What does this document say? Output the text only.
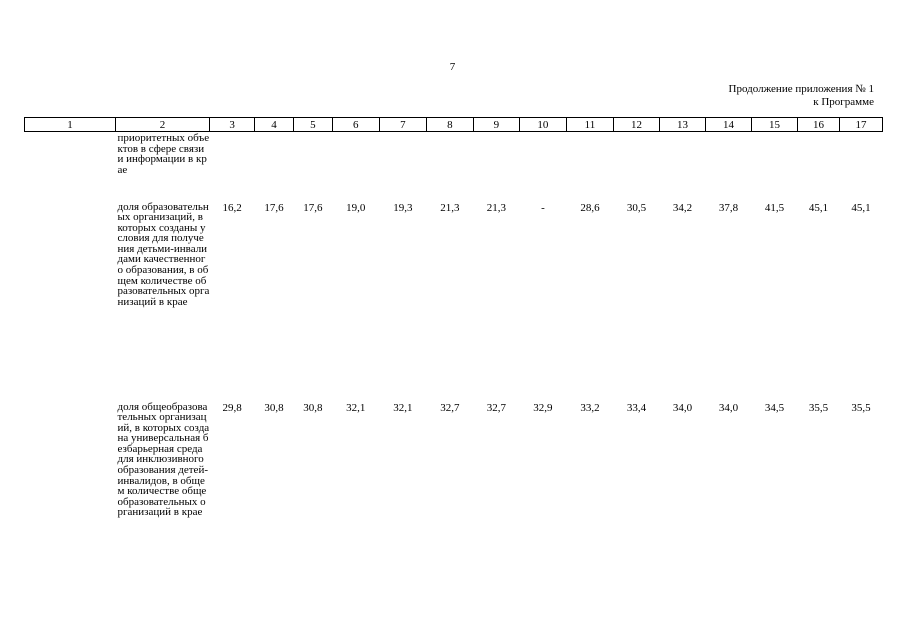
7
Продолжение приложения № 1
к Программе
1	2	3	4	5	6	7	8	9	10	11	12	13	14	15	16	17
	приоритетных объектов в сфере связи и информации в крае															
	доля образовательных организаций, в которых созданы условия для получения детьми-инвалидами качественного образования, в общем количестве образовательных организаций в крае	16,2	17,6	17,6	19,0	19,3	21,3	21,3	-	28,6	30,5	34,2	37,8	41,5	45,1	45,1
	доля общеобразовательных организаций, в которых создана универсальная безбарьерная среда для инклюзивного образования детей-инвалидов, в общем количестве общеобразовательных организаций в крае	29,8	30,8	30,8	32,1	32,1	32,7	32,7	32,9	33,2	33,4	34,0	34,0	34,5	35,5	35,5
